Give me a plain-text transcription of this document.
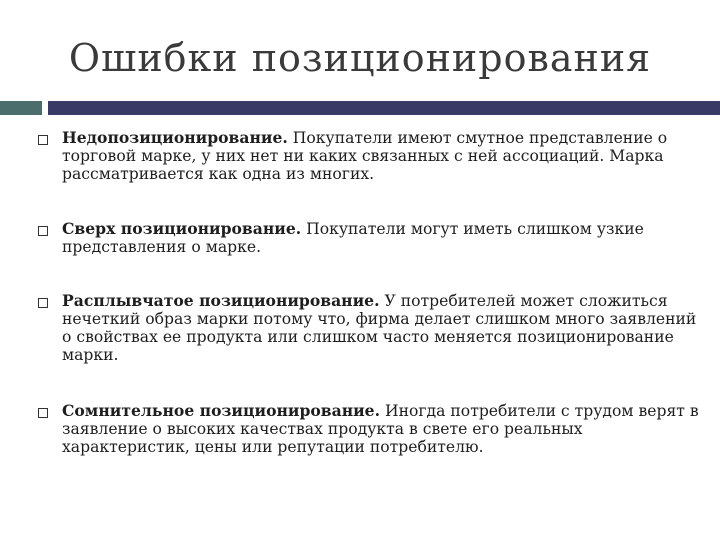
Ошибки позиционирования
Недопозиционирование. Покупатели имеют смутное представление о торговой марке, у них нет ни каких связанных с ней ассоциаций. Марка рассматривается как одна из многих.
Сверх позиционирование. Покупатели могут иметь слишком узкие представления о марке.
Расплывчатое позиционирование. У потребителей может сложиться нечеткий образ марки потому что, фирма делает слишком много заявлений о свойствах ее продукта или слишком часто меняется позиционирование марки.
Сомнительное позиционирование. Иногда потребители с трудом верят в заявление о высоких качествах продукта в свете его реальных характеристик, цены или репутации потребителю.
